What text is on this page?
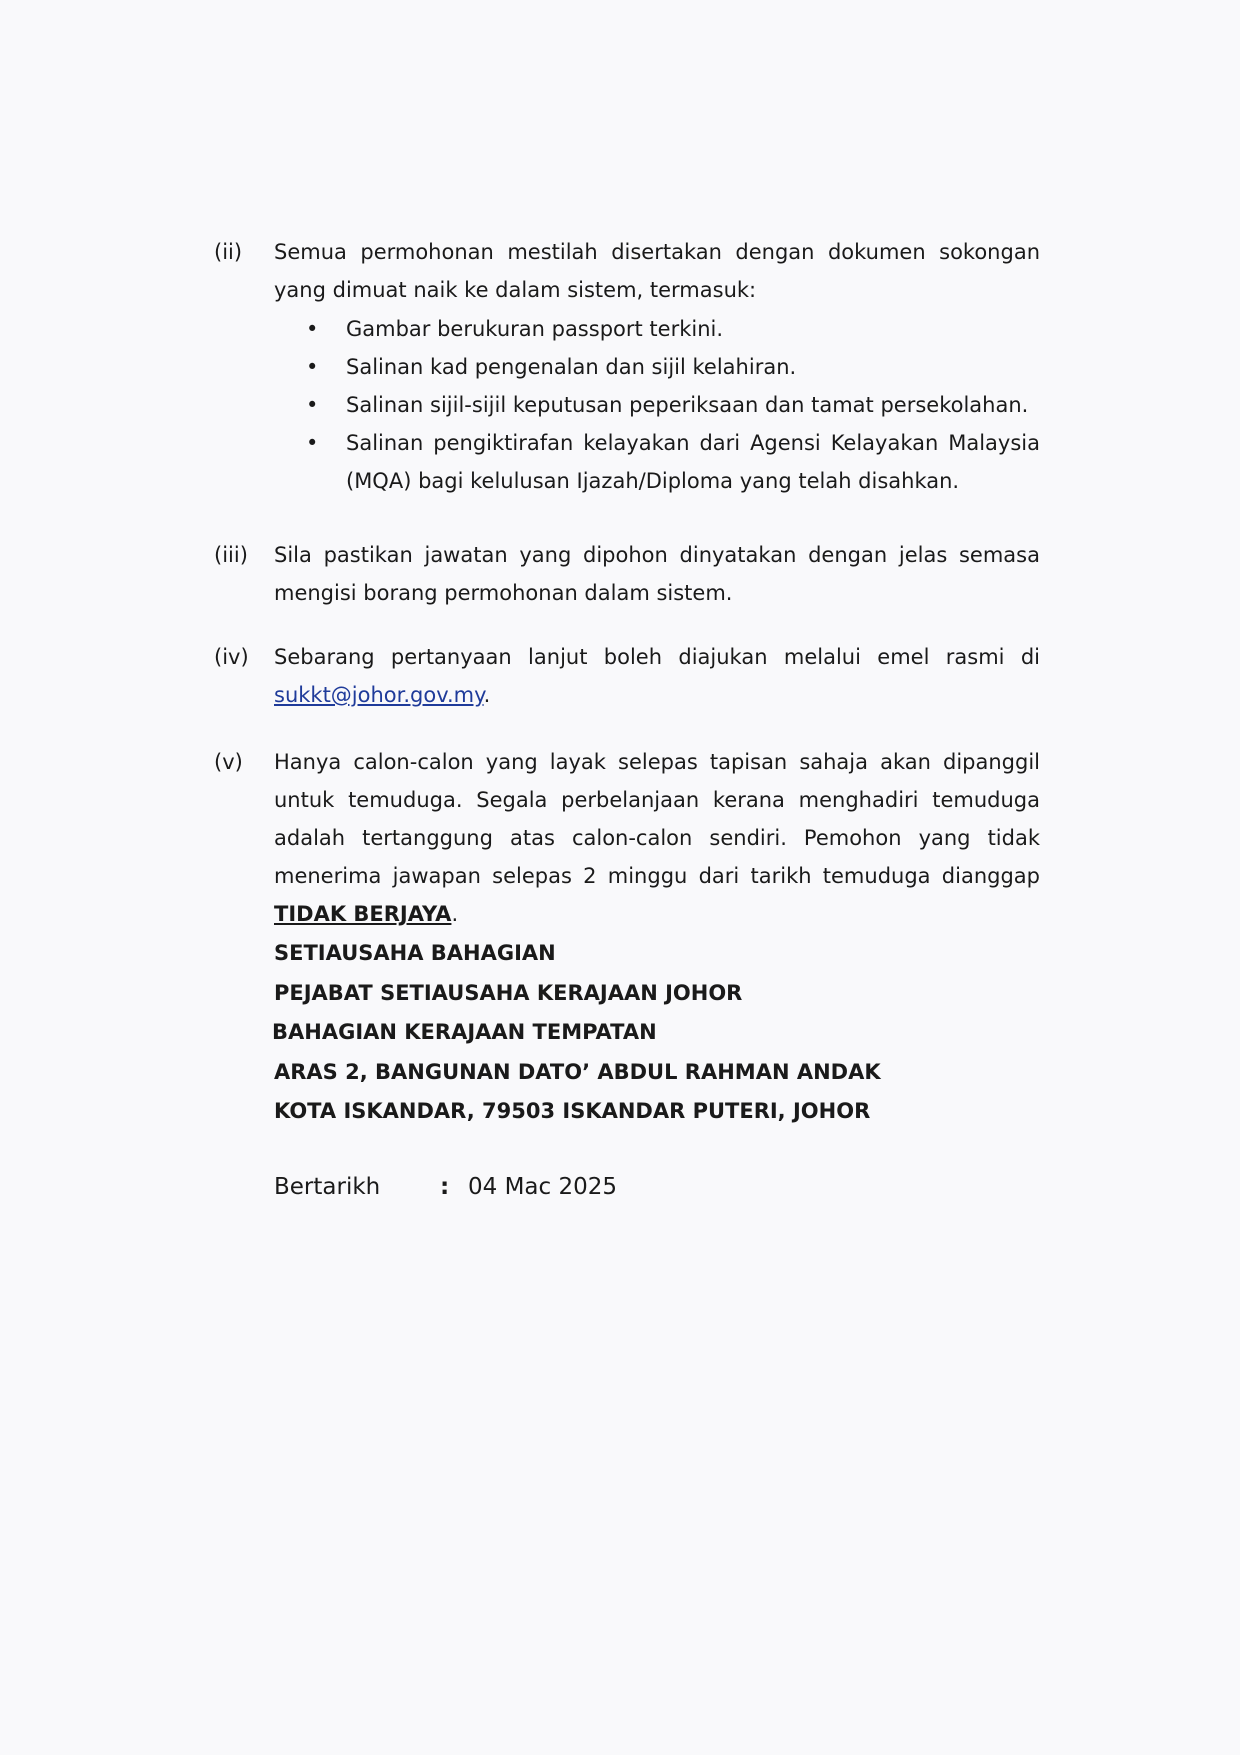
(ii) Semua permohonan mestilah disertakan dengan dokumen sokongan yang dimuat naik ke dalam sistem, termasuk:
• Gambar berukuran passport terkini.
• Salinan kad pengenalan dan sijil kelahiran.
• Salinan sijil-sijil keputusan peperiksaan dan tamat persekolahan.
• Salinan pengiktirafan kelayakan dari Agensi Kelayakan Malaysia (MQA) bagi kelulusan Ijazah/Diploma yang telah disahkan.
(iii) Sila pastikan jawatan yang dipohon dinyatakan dengan jelas semasa mengisi borang permohonan dalam sistem.
(iv) Sebarang pertanyaan lanjut boleh diajukan melalui emel rasmi di
sukkt@johor.gov.my.
(v) Hanya calon-calon yang layak selepas tapisan sahaja akan dipanggil untuk temuduga. Segala perbelanjaan kerana menghadiri temuduga adalah tertanggung atas calon-calon sendiri. Pemohon yang tidak menerima jawapan selepas 2 minggu dari tarikh temuduga dianggap TIDAK BERJAYA.
SETIAUSAHA BAHAGIAN
PEJABAT SETIAUSAHA KERAJAAN JOHOR
BAHAGIAN KERAJAAN TEMPATAN
ARAS 2, BANGUNAN DATO’ ABDUL RAHMAN ANDAK
KOTA ISKANDAR, 79503 ISKANDAR PUTERI, JOHOR
Bertarikh	: 04 Mac 2025
